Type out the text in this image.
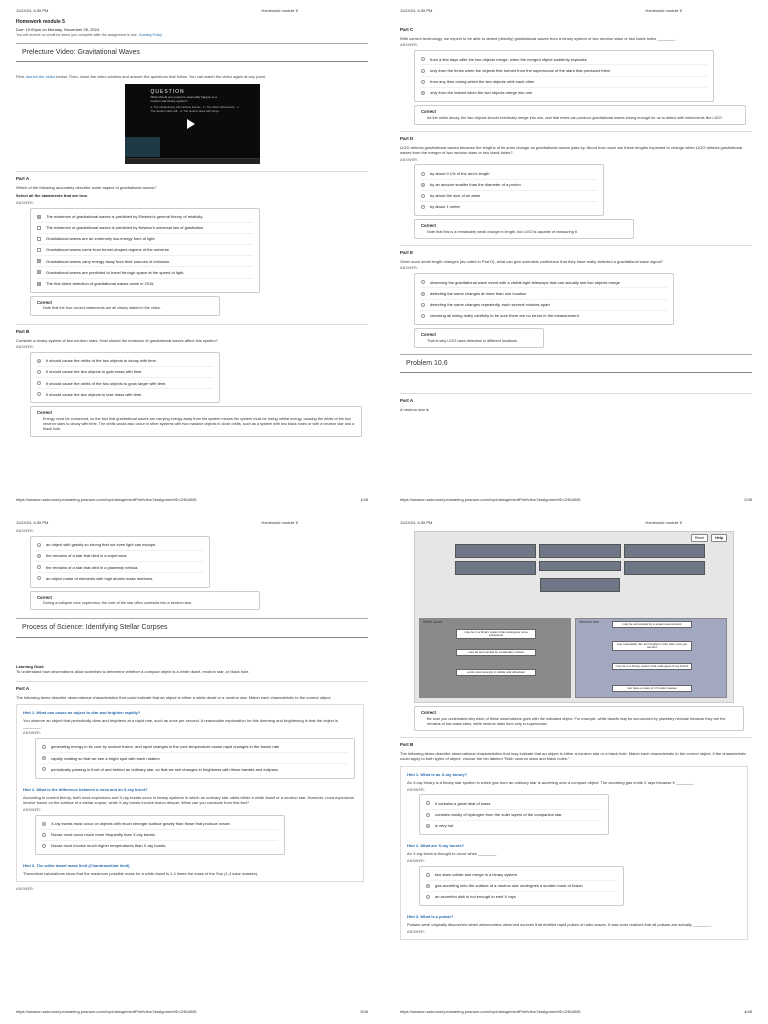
11/24/24, 6:35 PM	Homework module 5
Homework module 5
Due: 10:00pm on Monday, November 25, 2024
You will receive no credit for items you complete after the assignment is due. Grading Policy
Prelecture Video: Gravitational Waves
First, launch the video below. Then, close the video window and answer the questions that follow. You can watch the video again at any point.
QUESTION
What should you expect to eventually happen to a neutron star binary system?
a. The orbital decay will continue forever... b. The orbits will become... c. The neutron stars will... d. The neutron stars will merge...
Part A
Which of the following accurately describe some aspect of gravitational waves?
Select all the statements that are true.
ANSWER:
The existence of gravitational waves is predicted by Einstein's general theory of relativity.
The existence of gravitational waves is predicted by Newton's universal law of gravitation.
Gravitational waves are an extremely low-energy form of light.
Gravitational waves come from funnel-shaped regions of the universe.
Gravitational waves carry energy away from their sources of emission.
Gravitational waves are predicted to travel through space at the speed of light.
The first direct detection of gravitational waves came in 2015.
Correct
Note that the four correct statements are all clearly stated in the video.
Part B
Consider a binary system of two neutron stars. How should the emission of gravitational waves affect this system?
ANSWER:
It should cause the orbits of the two objects to decay with time.
It should cause the two objects to gain mass with time.
It should cause the orbits of the two objects to grow larger with time.
It should cause the two objects to lose mass with time.
Correct
Energy must be conserved, so the fact that gravitational waves are carrying energy away from the system means the system must be losing orbital energy, causing the orbits of the two neutron stars to decay with time. The orbits would also occur in other systems with two massive objects in close orbits, such as a system with two black holes or with a neutron star and a black hole.
https://session.astronomy.mastering.pearson.com/myct/assignmentPrintView?assignmentID=2464045	1/48
11/24/24, 6:35 PM	Homework module 5
Part C
With current technology, we expect to be able to detect (directly) gravitational waves from a binary system of two neutron stars or two black holes ________.
ANSWER:
from a few days after the two objects merge, when the merged object suddenly explodes
only from the times when the objects first formed from the supernovae of the stars that produced them
from any time during which the two objects orbit each other
only from the instant when the two objects merge into one
Correct
As the orbits decay, the two objects should eventually merge into one, and that event can produce gravitational waves strong enough for us to detect with instruments like LIGO.
Part D
LIGO detects gravitational waves because the lengths of its arms change as gravitational waves pass by. About how much are these lengths expected to change when LIGO detects gravitational waves from the merger of two neutron stars or two black holes?
ANSWER:
by about 0.1% of the arm's length
by an amount smaller than the diameter of a proton
by about the size of an atom
by about 1 meter
Correct
Note that this is a remarkably small change in length, but LIGO is capable of measuring it.
Part E
Given such small length changes (as noted in Part D), what can give scientists confidence that they have really detected a gravitational wave signal?
ANSWER:
observing the gravitational wave event with a visible-light telescope that can actually see two objects merge
detecting the same changes at more than one location
detecting the same changes repeatedly, each several minutes apart
checking all wiring really carefully to be sure there are no errors in the measurement
Correct
That is why LIGO uses detectors in different locations.
Problem 10.6
Part A
A neutron star is
https://session.astronomy.mastering.pearson.com/myct/assignmentPrintView?assignmentID=2464045	2/48
11/24/24, 6:35 PM	Homework module 5
ANSWER:
an object with gravity so strong that not even light can escape.
the remains of a star that died in a supernova.
the remains of a star that died in a planetary nebula.
an object made of elements with high atomic mass numbers.
Correct
During a collapse core supernova, the core of the star often contracts into a neutron star.
Process of Science: Identifying Stellar Corpses
Learning Goal:
To understand how observations allow scientists to determine whether a compact object is a white dwarf, neutron star, or black hole.
Part A
The following items describe observational characteristics that could indicate that an object is either a white dwarf or a neutron star. Match each characteristic to the correct object.
Hint 1. What can cause an object to dim and brighten rapidly?
You observe an object that periodically dims and brightens at a rapid rate, such as once per second. A reasonable explanation for this dimming and brightening is that the object is ________.
ANSWER:
generating energy in its core by nuclear fusion, and rapid changes in the core temperature cause rapid changes in the fusion rate
rapidly rotating so that we see a bright spot with each rotation
periodically passing in front of and behind an ordinary star, so that we see changes in brightness with these transits and eclipses
Hint 2. What is the difference between a nova and an X-ray burst?
According to current theory, both nova explosions and X-ray bursts occur in binary systems in which an ordinary star orbits either a white dwarf or a neutron star. However, nova explosions involve fusion on the surface of a stellar corpse, while X-ray bursts involve fusion deeper. What can you conclude from this fact?
ANSWER:
X-ray bursts must occur on objects with much stronger surface gravity than those that produce novae.
Novae must occur much more frequently than X-ray bursts.
Novae must involve much higher temperatures than X-ray bursts.
Hint 3. The white dwarf mass limit (Chandrasekhar limit)
Theoretical calculations show that the maximum possible mass for a white dwarf is 1.4 times the mass of the Sun (1.4 solar masses).
ANSWER:
https://session.astronomy.mastering.pearson.com/myct/assignmentPrintView?assignmentID=2464045	3/48
11/24/24, 6:35 PM	Homework module 5
Reset	Help
White dwarf
may be in a binary system that undergoes nova explosions
may be surrounded by a planetary nebula
emits most strongly in visible and ultraviolet
Neutron star	may be surrounded by a supernova remnant
may repeatedly dim and brighten more than once per second
may be in a binary system that undergoes X-ray bursts
can have a mass of 1.5 solar masses
Correct
Be sure you understand why each of these observations goes with the indicated object. For example, white dwarfs may be surrounded by planetary nebulae because they are the remains of low-mass stars, while neutron stars form only in supernovae.
Part B
The following items describe observational characteristics that may indicate that an object is either a neutron star or a black hole. Match each characteristic to the correct object; if the characteristic could apply to both types of object, choose the bin labeled "Both neutron stars and black holes."
Hint 1. What is an X-ray binary?
An X-ray binary is a binary star system in which gas from an ordinary star is accreting onto a compact object. The accreting gas emits X rays because it ________.
ANSWER:
it contains a great deal of mass
consists mostly of hydrogen from the outer layers of the companion star
is very hot
Hint 2. What are X-ray bursts?
An X-ray burst is thought to occur when ________.
ANSWER:
two stars collide and merge in a binary system
gas accreting onto the surface of a neutron star undergoes a sudden burst of fusion
an accretion disk is hot enough to emit X rays
Hint 3. What is a pulsar?
Pulsars were originally discovered when astronomers observed sources that emitted rapid pulses of radio waves. It was soon realized that all pulsars are actually ________.
ANSWER:
https://session.astronomy.mastering.pearson.com/myct/assignmentPrintView?assignmentID=2464045	4/48
